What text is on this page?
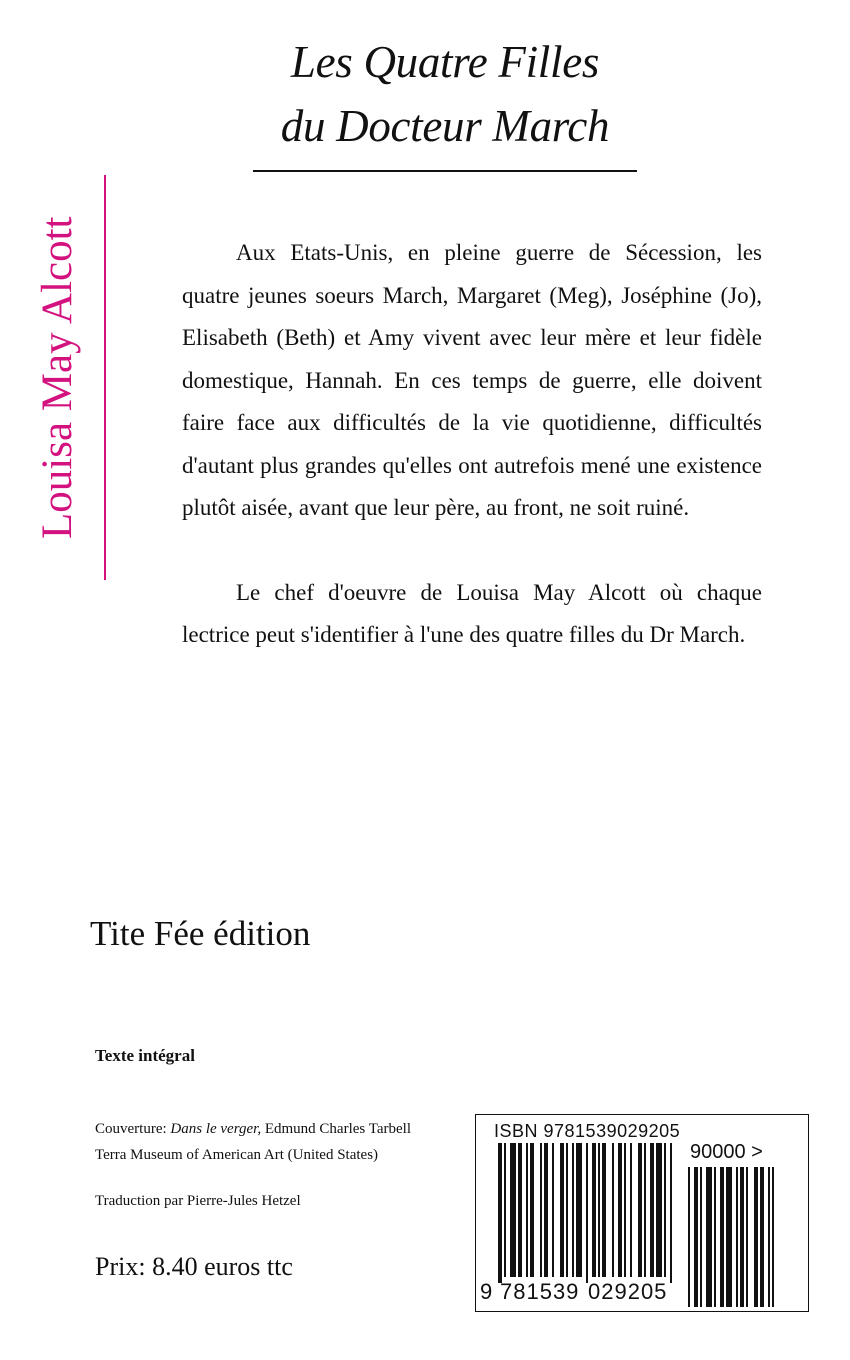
Les Quatre Filles
du Docteur March
Louisa May Alcott	Aux Etats-Unis, en pleine guerre de Sécession, les quatre jeunes soeurs March, Margaret (Meg), Joséphine (Jo), Elisabeth (Beth) et Amy vivent avec leur mère et leur fidèle domestique, Hannah. En ces temps de guerre, elle doivent faire face aux difficultés de la vie quotidienne, difficultés d'autant plus grandes qu'elles ont autrefois mené une existence plutôt aisée, avant que leur père, au front, ne soit ruiné.

Le chef d'oeuvre de Louisa May Alcott où chaque lectrice peut s'identifier à l'une des quatre filles du Dr March.

Tite Fée édition
Texte intégral
Couverture: Dans le verger, Edmund Charles Tarbell
Terra Museum of American Art (United States)
Traduction par Pierre-Jules Hetzel
Prix: 8.40 euros ttc
ISBN 9781539029205
90000 >
9 781539 029205
